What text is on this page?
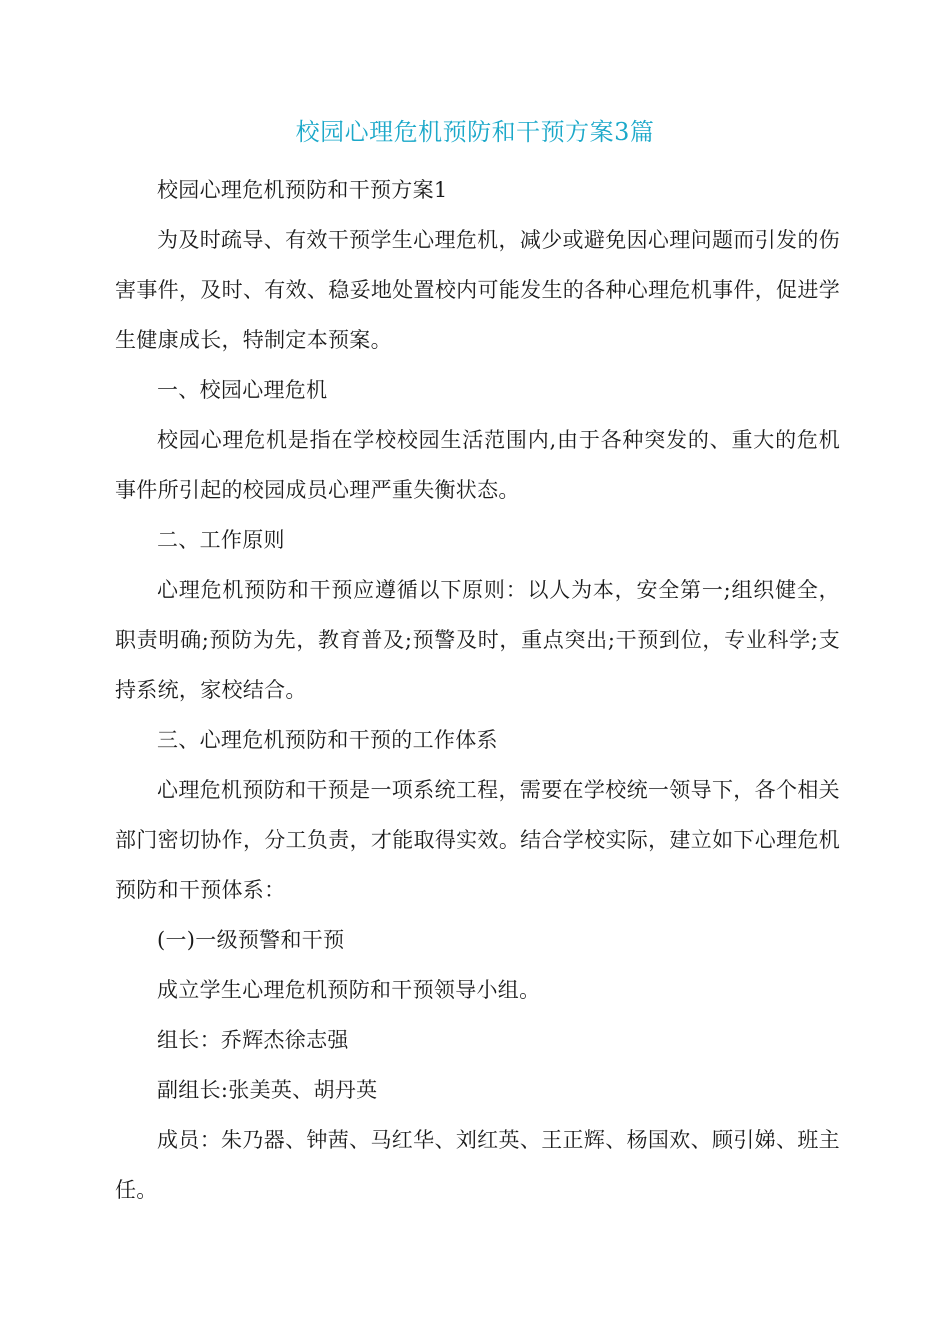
校园心理危机预防和干预方案3篇

校园心理危机预防和干预方案1

为及时疏导、有效干预学生心理危机，减少或避免因心理问题而引发的伤害事件，及时、有效、稳妥地处置校内可能发生的各种心理危机事件，促进学生健康成长，特制定本预案。

一、校园心理危机

校园心理危机是指在学校校园生活范围内,由于各种突发的、重大的危机事件所引起的校园成员心理严重失衡状态。

二、工作原则

心理危机预防和干预应遵循以下原则：以人为本，安全第一;组织健全，职责明确;预防为先，教育普及;预警及时，重点突出;干预到位，专业科学;支持系统，家校结合。

三、心理危机预防和干预的工作体系

心理危机预防和干预是一项系统工程，需要在学校统一领导下，各个相关部门密切协作，分工负责，才能取得实效。结合学校实际，建立如下心理危机预防和干预体系：

(一)一级预警和干预

成立学生心理危机预防和干预领导小组。

组长：乔辉杰徐志强

副组长:张美英、胡丹英

成员：朱乃器、钟茜、马红华、刘红英、王正辉、杨国欢、顾引娣、班主任。
